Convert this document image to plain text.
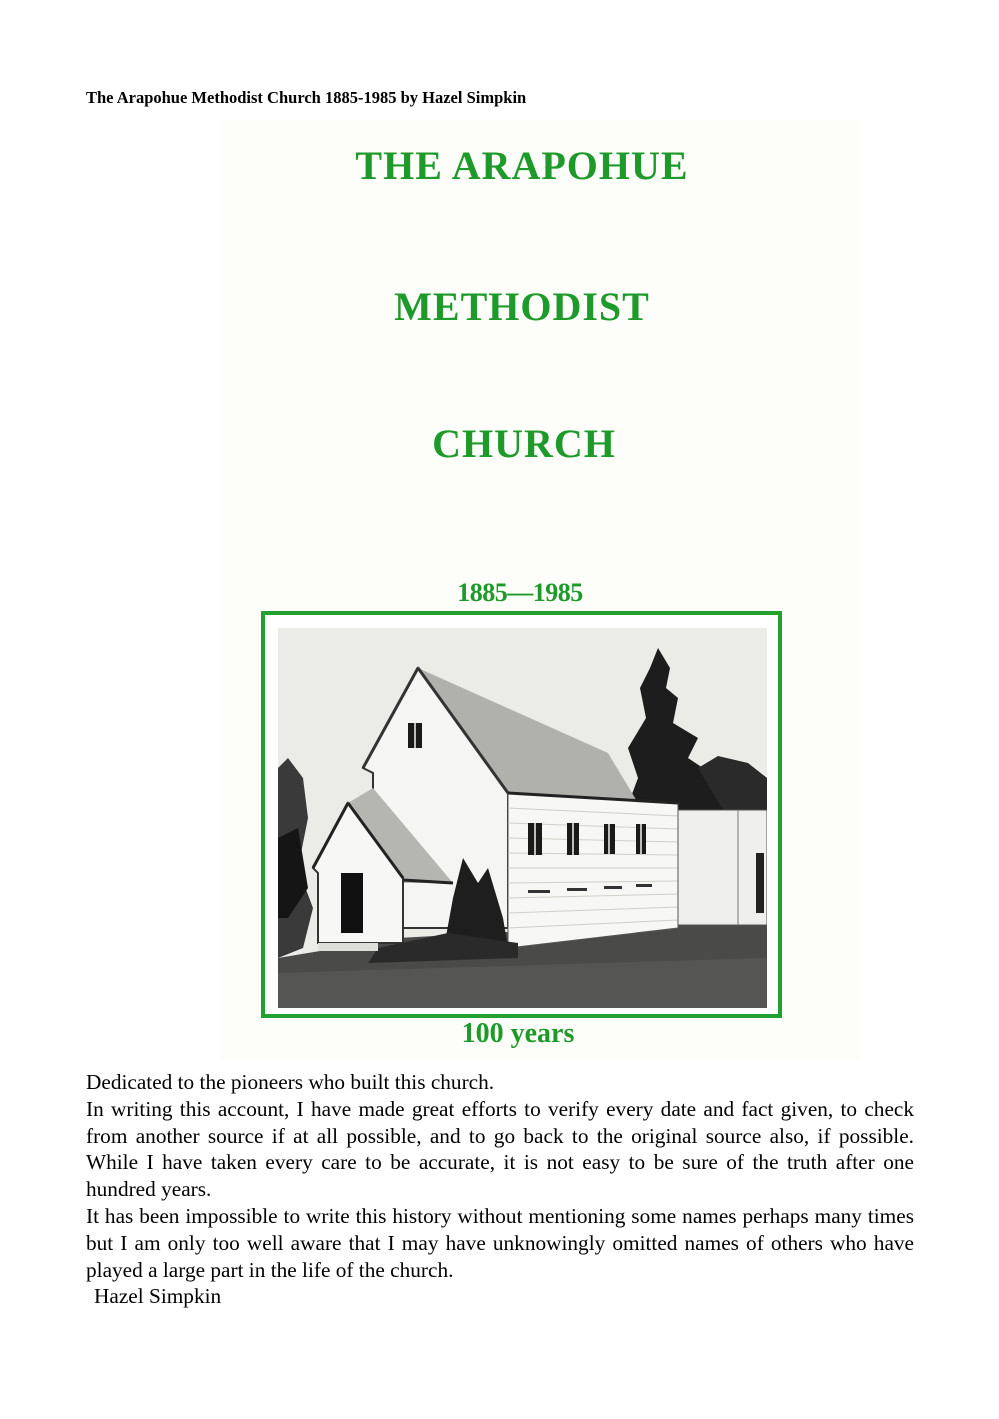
The Arapohue Methodist Church 1885-1985 by Hazel Simpkin
THE ARAPOHUE
METHODIST
CHURCH
1885—1985
100 years

Dedicated to the pioneers who built this church.

In writing this account, I have made great efforts to verify every date and fact given, to check from another source if at all possible, and to go back to the original source also, if possible. While I have taken every care to be accurate, it is not easy to be sure of the truth after one hundred years.

It has been impossible to write this history without mentioning some names perhaps many times but I am only too well aware that I may have unknowingly omitted names of others who have played a large part in the life of the church.

Hazel Simpkin
